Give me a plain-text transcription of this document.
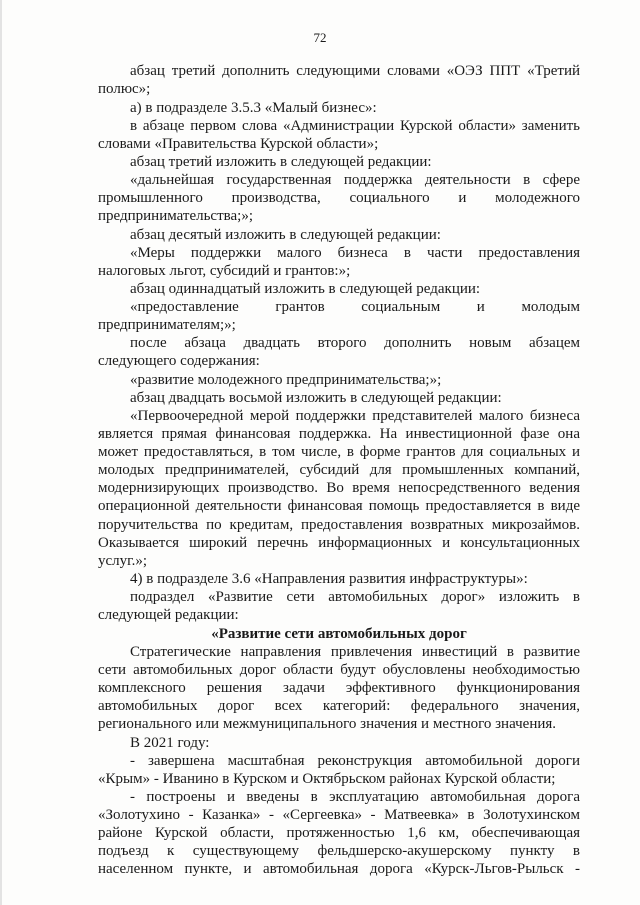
72
абзац третий дополнить следующими словами «ОЭЗ ППТ «Третий
полюс»;
а) в подразделе 3.5.3 «Малый бизнес»:
в абзаце первом слова «Администрации Курской области» заменить
словами «Правительства Курской области»;
абзац третий изложить в следующей редакции:
«дальнейшая государственная поддержка деятельности в сфере
промышленного производства, социального и молодежного
предпринимательства;»;
абзац десятый изложить в следующей редакции:
«Меры поддержки малого бизнеса в части предоставления
налоговых льгот, субсидий и грантов:»;
абзац одиннадцатый изложить в следующей редакции:
«предоставление грантов социальным и молодым
предпринимателям;»;
после абзаца двадцать второго дополнить новым абзацем
следующего содержания:
«развитие молодежного предпринимательства;»;
абзац двадцать восьмой изложить в следующей редакции:
«Первоочередной мерой поддержки представителей малого бизнеса
является прямая финансовая поддержка. На инвестиционной фазе она
может предоставляться, в том числе, в форме грантов для социальных и
молодых предпринимателей, субсидий для промышленных компаний,
модернизирующих производство. Во время непосредственного ведения
операционной деятельности финансовая помощь предоставляется в виде
поручительства по кредитам, предоставления возвратных микрозаймов.
Оказывается широкий перечнь информационных и консультационных
услуг.»;
4) в подразделе 3.6 «Направления развития инфраструктуры»:
подраздел «Развитие сети автомобильных дорог» изложить в
следующей редакции:
«Развитие сети автомобильных дорог
Стратегические направления привлечения инвестиций в развитие
сети автомобильных дорог области будут обусловлены необходимостью
комплексного решения задачи эффективного функционирования
автомобильных дорог всех категорий: федерального значения,
регионального или межмуниципального значения и местного значения.
В 2021 году:
- завершена масштабная реконструкция автомобильной дороги
«Крым» - Иванино в Курском и Октябрьском районах Курской области;
- построены и введены в эксплуатацию автомобильная дорога
«Золотухино - Казанка» - «Сергеевка» - Матвеевка» в Золотухинском
районе Курской области, протяженностью 1,6 км, обеспечивающая
подъезд к существующему фельдшерско-акушерскому пункту в
населенном пункте, и автомобильная дорога «Курск-Льгов-Рыльск -
